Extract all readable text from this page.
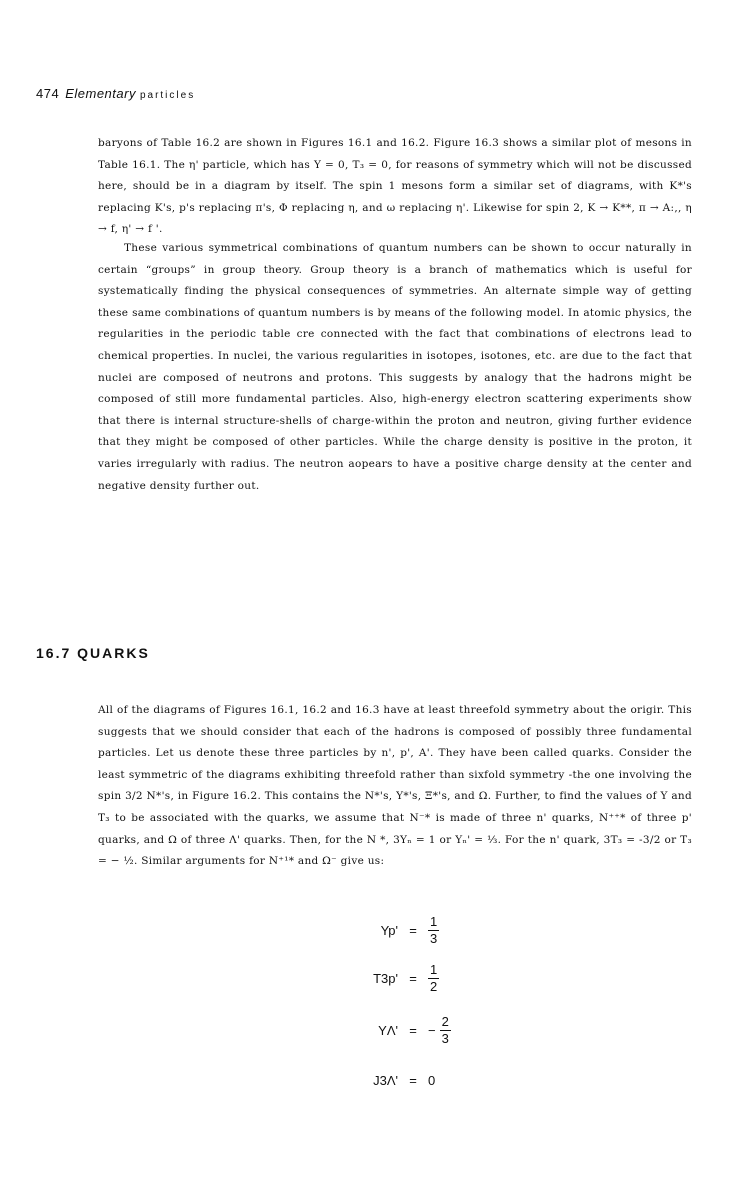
474 Elementary particles

baryons of Table 16.2 are shown in Figures 16.1 and 16.2. Figure 16.3 shows a similar plot of mesons in Table 16.1. The η' particle, which has Y = 0, T₃ = 0, for reasons of symmetry which will not be discussed here, should be in a diagram by itself. The spin 1 mesons form a similar set of diagrams, with K*'s replacing K's, p's replacing π's, Φ replacing η, and ω replacing η'. Likewise for spin 2, K → K**, π → A:,, η → f, η' → f '.

These various symmetrical combinations of quantum numbers can be shown to occur naturally in certain “groups” in group theory. Group theory is a branch of mathematics which is useful for systematically finding the physical consequences of symmetries. An alternate simple way of getting these same combinations of quantum numbers is by means of the following model. In atomic physics, the regularities in the periodic table cre connected with the fact that combinations of electrons lead to chemical properties. In nuclei, the various regularities in isotopes, isotones, etc. are due to the fact that nuclei are composed of neutrons and protons. This suggests by analogy that the hadrons might be composed of still more fundamental particles. Also, high-energy electron scattering experiments show that there is internal structure-shells of charge-within the proton and neutron, giving further evidence that they might be composed of other particles. While the charge density is positive in the proton, it varies irregularly with radius. The neutron aopears to have a positive charge density at the center and negative density further out.

16.7 QUARKS

All of the diagrams of Figures 16.1, 16.2 and 16.3 have at least threefold symmetry about the origir. This suggests that we should consider that each of the hadrons is composed of possibly three fundamental particles. Let us denote these three particles by n', p', A'. They have been called quarks. Consider the least symmetric of the diagrams exhibiting threefold rather than sixfold symmetry -the one involving the spin 3/2 N*'s, in Figure 16.2. This contains the N*'s, Y*'s, Ξ*'s, and Ω. Further, to find the values of Y and T₃ to be associated with the quarks, we assume that N⁻* is made of three n' quarks, N⁺⁺* of three p' quarks, and Ω of three Λ' quarks. Then, for the N *, 3Yₙ = 1 or Yₙ' = ⅓. For the n' quark, 3T₃ = -3/2 or T₃ = − ½. Similar arguments for N⁺¹* and Ω⁻ give us:

$Yp' = \frac{1}{3}$
$T3p' = \frac{1}{2}$
YΛ' = − $\frac{2}{3}$
J3Λ' = 0
